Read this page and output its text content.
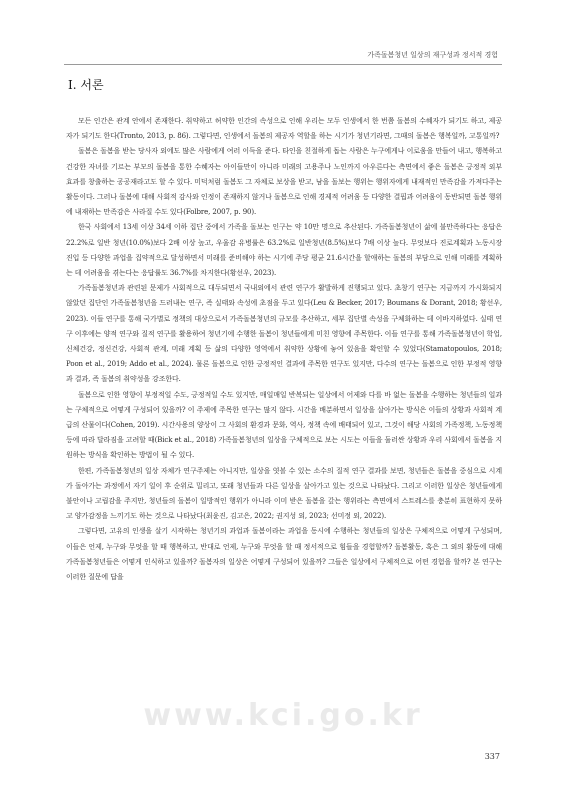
가족돌봄청년 일상의 재구성과 정서적 경험
Ⅰ. 서론

모든 인간은 관계 안에서 존재한다. 취약하고 허약한 인간의 속성으로 인해 우리는 모두 인생에서 한 번쯤 돌봄의 수혜자가 되기도 하고, 제공자가 되기도 한다(Tronto, 2013, p. 86). 그렇다면, 인생에서 돌봄의 제공자 역할을 하는 시기가 청년기라면, 그때의 돌봄은 행복일까, 고통일까?

돌봄은 돌봄을 받는 당사자 외에도 많은 사람에게 여러 이득을 준다. 타인을 친절하게 돕는 사람은 누구에게나 이로움을 만들어 내고, 행복하고 건강한 자녀를 기르는 부모의 돌봄을 통한 수혜자는 아이들만이 아니라 미래의 고용주나 노인까지 아우른다는 측면에서 좋은 돌봄은 긍정적 외부 효과를 창출하는 공공재라고도 할 수 있다. 미덕처럼 돌봄도 그 자체로 보상을 받고, 남을 돌보는 행위는 행위자에게 내재적인 만족감을 가져다주는 활동이다. 그러나 돌봄에 대해 사회적 감사와 인정이 존재하지 않거나 돌봄으로 인해 경제적 어려움 등 다양한 결핍과 어려움이 동반되면 돌봄 행위에 내재하는 만족감은 사라질 수도 있다(Folbre, 2007, p. 90).

한국 사회에서 13세 이상 34세 이하 집단 중에서 가족을 돌보는 인구는 약 10만 명으로 추산된다. 가족돌봄청년이 삶에 불만족하다는 응답은 22.2%로 일반 청년(10.0%)보다 2배 이상 높고, 우울감 유병률은 63.2%로 일반청년(8.5%)보다 7배 이상 높다. 무엇보다 진로계획과 노동시장 진입 등 다양한 과업을 집약적으로 달성하면서 미래를 준비해야 하는 시기에 주당 평균 21.6시간을 할애하는 돌봄의 부담으로 인해 미래를 계획하는 데 어려움을 겪는다는 응답률도 36.7%를 차지한다(황선우, 2023).

가족돌봄청년과 관련된 문제가 사회적으로 대두되면서 국내외에서 관련 연구가 활발하게 진행되고 있다. 초창기 연구는 지금까지 가시화되지 않았던 집단인 가족돌봄청년을 드러내는 연구, 즉 실태와 속성에 초점을 두고 있다(Leu & Becker, 2017; Boumans & Dorant, 2018; 황선우, 2023). 이들 연구를 통해 국가별로 정책의 대상으로서 가족돌봄청년의 규모를 추산하고, 세부 집단별 속성을 구체화하는 데 이바지하였다. 실태 연구 이후에는 양적 연구와 질적 연구를 활용하여 청년기에 수행한 돌봄이 청년들에게 미친 영향에 주목한다. 이들 연구를 통해 가족돌봄청년이 학업, 신체건강, 정신건강, 사회적 관계, 미래 계획 등 삶의 다양한 영역에서 취약한 상황에 놓여 있음을 확인할 수 있었다(Stamatopoulos, 2018; Poon et al., 2019; Addo et al., 2024). 물론 돌봄으로 인한 긍정적인 결과에 주목한 연구도 있지만, 다수의 연구는 돌봄으로 인한 부정적 영향과 결과, 즉 돌봄의 취약성을 강조한다.

돌봄으로 인한 영향이 부정적일 수도, 긍정적일 수도 있지만, 매일매일 반복되는 일상에서 어제와 다를 바 없는 돌봄을 수행하는 청년들의 일과는 구체적으로 어떻게 구성되어 있을까? 이 주제에 주목한 연구는 많지 않다. 시간을 배분하면서 일상을 살아가는 방식은 이들의 상황과 사회적 계급의 산물이다(Cohen, 2019). 시간사용의 양상이 그 사회의 환경과 문화, 역사, 정책 속에 배태되어 있고, 그것이 해당 사회의 가족정책, 노동정책 등에 따라 달라짐을 고려할 때(Bick et al., 2018) 가족돌봄청년의 일상을 구체적으로 보는 시도는 이들을 둘러싼 상황과 우리 사회에서 돌봄을 지원하는 방식을 확인하는 방법이 될 수 있다.

한편, 가족돌봄청년의 일상 자체가 연구주제는 아니지만, 일상을 엿볼 수 있는 소수의 질적 연구 결과를 보면, 청년들은 돌봄을 중심으로 시계가 돌아가는 과정에서 자기 일이 후 순위로 밀리고, 또래 청년들과 다른 일상을 살아가고 있는 것으로 나타났다. 그리고 이러한 일상은 청년들에게 불안이나 고립감을 주지만, 청년들의 돌봄이 일방적인 행위가 아니라 이미 받은 돌봄을 갚는 행위라는 측면에서 스트레스를 충분히 표현하지 못하고 양가감정을 느끼기도 하는 것으로 나타났다(최윤진, 김고은, 2022; 권지성 외, 2023; 선미정 외, 2022).

그렇다면, 고유의 인생을 살기 시작하는 청년기의 과업과 돌봄이라는 과업을 동시에 수행하는 청년들의 일상은 구체적으로 어떻게 구성되며, 이들은 언제, 누구와 무엇을 할 때 행복하고, 반대로 언제, 누구와 무엇을 할 때 정서적으로 힘들을 경험할까? 돌봄활동, 혹은 그 외의 활동에 대해 가족돌봄청년들은 어떻게 인식하고 있을까? 돌봄자의 일상은 어떻게 구성되어 있을까? 그들은 일상에서 구체적으로 어떤 경험을 할까? 본 연구는 이러한 질문에 답을

www.kci.go.kr
337
